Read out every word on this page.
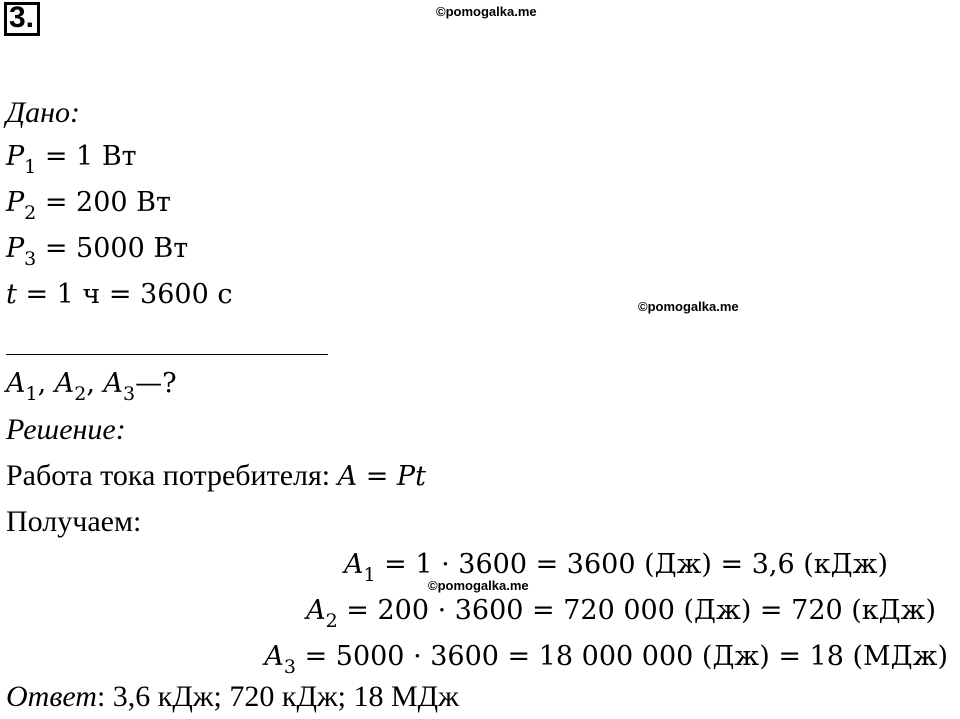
3.	©pomogalka.me
©pomogalka.me
©pomogalka.me
Дано:
$P_1 = 1$ Вт
$P_2 = 200$ Вт
$P_3 = 5000$ Вт
t = 1 ч = 3600 с
$A_1$, $A_2$, $A_3—$?
Решение:
Работа тока потребителя: A = Pt
Получаем:
$A_1 = 1 \cdot 3600 = 3600$ (Дж) = 3,6 (кДж)
$A_2 = 200 \cdot 3600 = 720$ 000 (Дж) = 720 (кДж)
$A_3 = 5000 \cdot 3600 = 18$ 000 000 (Дж) = 18 (МДж)
Ответ: 3,6 кДж; 720 кДж; 18 МДж
